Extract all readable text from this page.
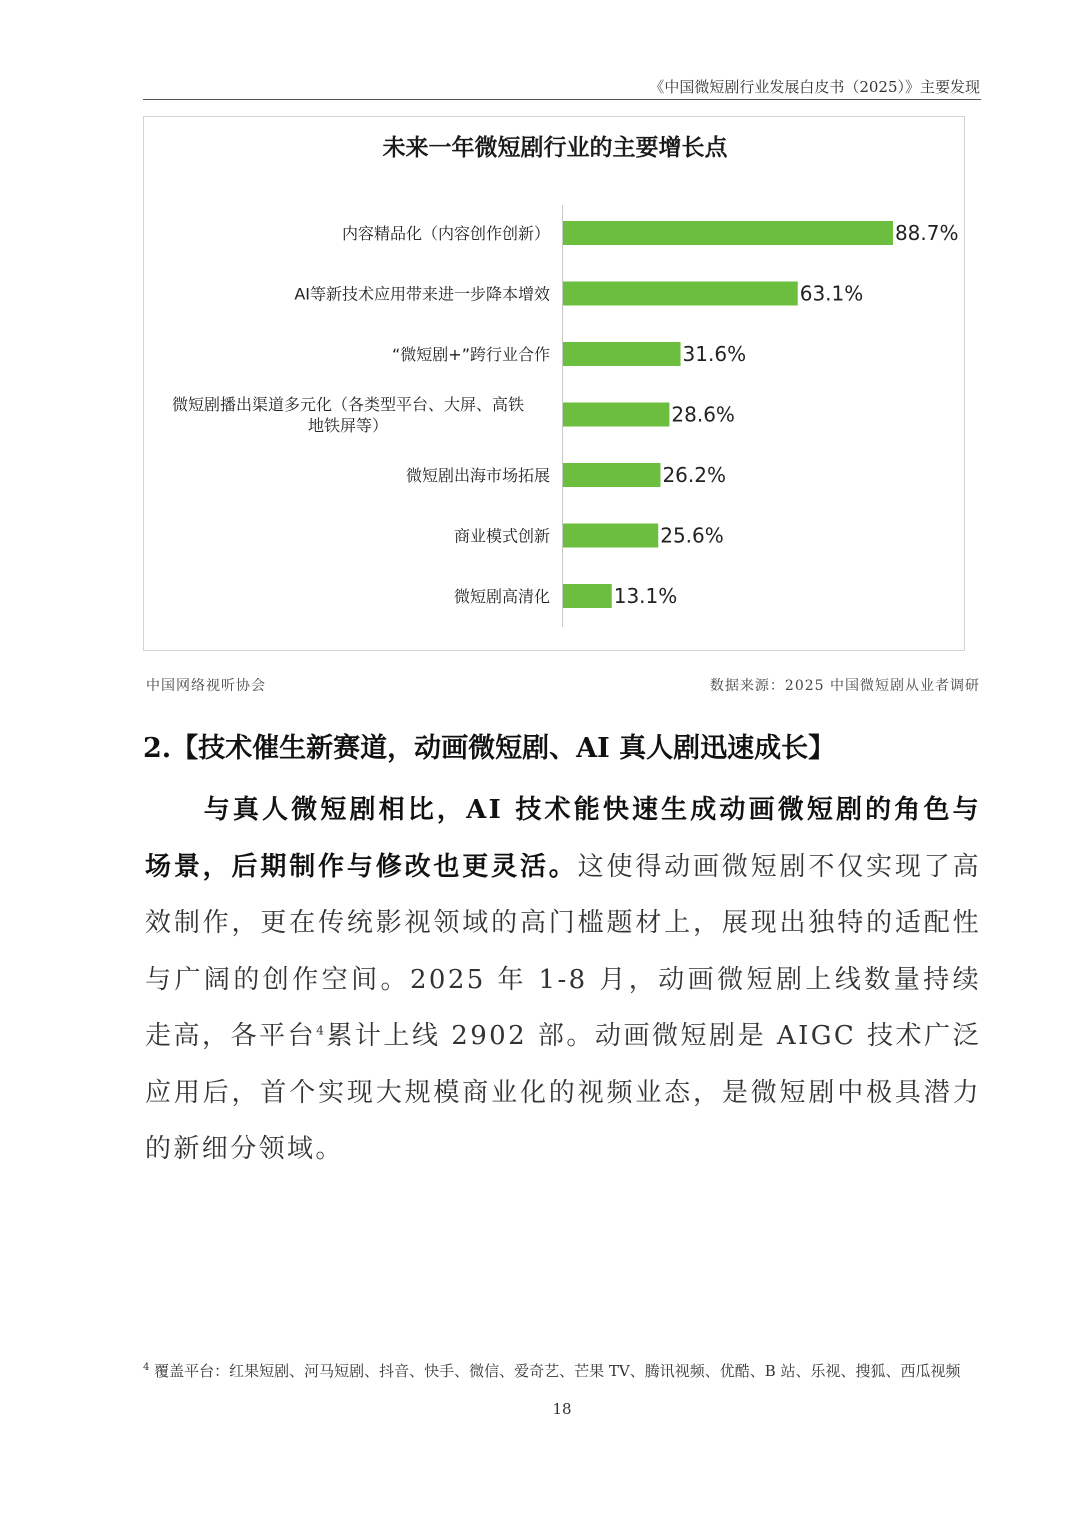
《中国微短剧行业发展白皮书（2025）》主要发现
未来一年微短剧行业的主要增长点
88.7%
内容精品化（内容创作创新）
63.1%
AI等新技术应用带来进一步降本增效
31.6%
“微短剧+”跨行业合作
28.6%
微短剧播出渠道多元化（各类型平台、大屏、高铁地铁屏等）
26.2%
微短剧出海市场拓展
25.6%
商业模式创新
13.1%
微短剧高清化
中国网络视听协会	数据来源：2025 中国微短剧从业者调研
2.【技术催生新赛道，动画微短剧、AI 真人剧迅速成长】
与真人微短剧相比，AI 技术能快速生成动画微短剧的角色与场景，后期制作与修改也更灵活。这使得动画微短剧不仅实现了高效制作，更在传统影视领域的高门槛题材上，展现出独特的适配性与广阔的创作空间。2025 年 1-8 月，动画微短剧上线数量持续走高，各平台$^4$累计上线 2902 部。动画微短剧是 AIGC 技术广泛应用后，首个实现大规模商业化的视频业态，是微短剧中极具潜力的新细分领域。
$^4$ 覆盖平台：红果短剧、河马短剧、抖音、快手、微信、爱奇艺、芒果 TV、腾讯视频、优酷、B 站、乐视、搜狐、西瓜视频
18
